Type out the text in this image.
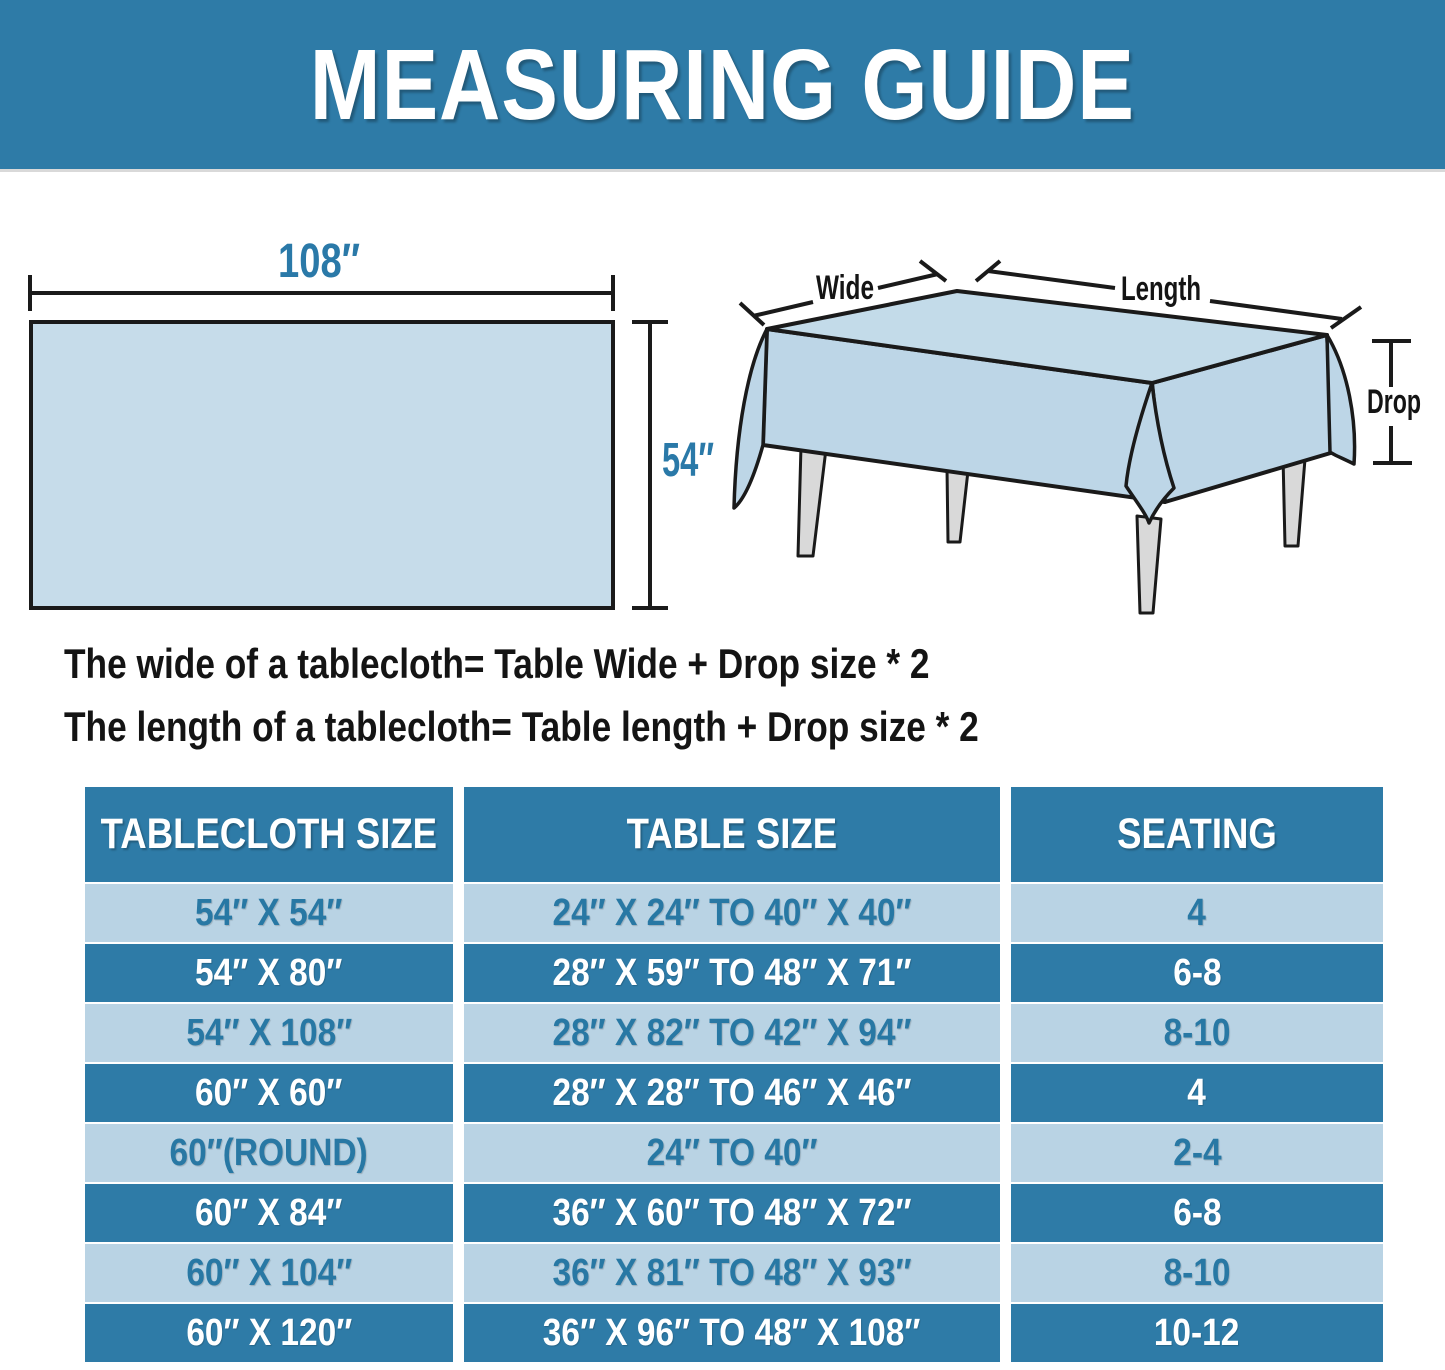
MEASURING GUIDE
108″
54″
Wide	Length
Drop
The wide of a tablecloth= Table Wide + Drop size * 2
The length of a tablecloth= Table length + Drop size * 2
TABLECLOTH SIZE	TABLE SIZE	SEATING
54″ X 54″	24″ X 24″ TO 40″ X 40″	4
54″ X 80″	28″ X 59″ TO 48″ X 71″	6-8
54″ X 108″	28″ X 82″ TO 42″ X 94″	8-10
60″ X 60″	28″ X 28″ TO 46″ X 46″	4
60″(ROUND)	24″ TO 40″	2-4
60″ X 84″	36″ X 60″ TO 48″ X 72″	6-8
60″ X 104″	36″ X 81″ TO 48″ X 93″	8-10
60″ X 120″	36″ X 96″ TO 48″ X 108″	10-12
